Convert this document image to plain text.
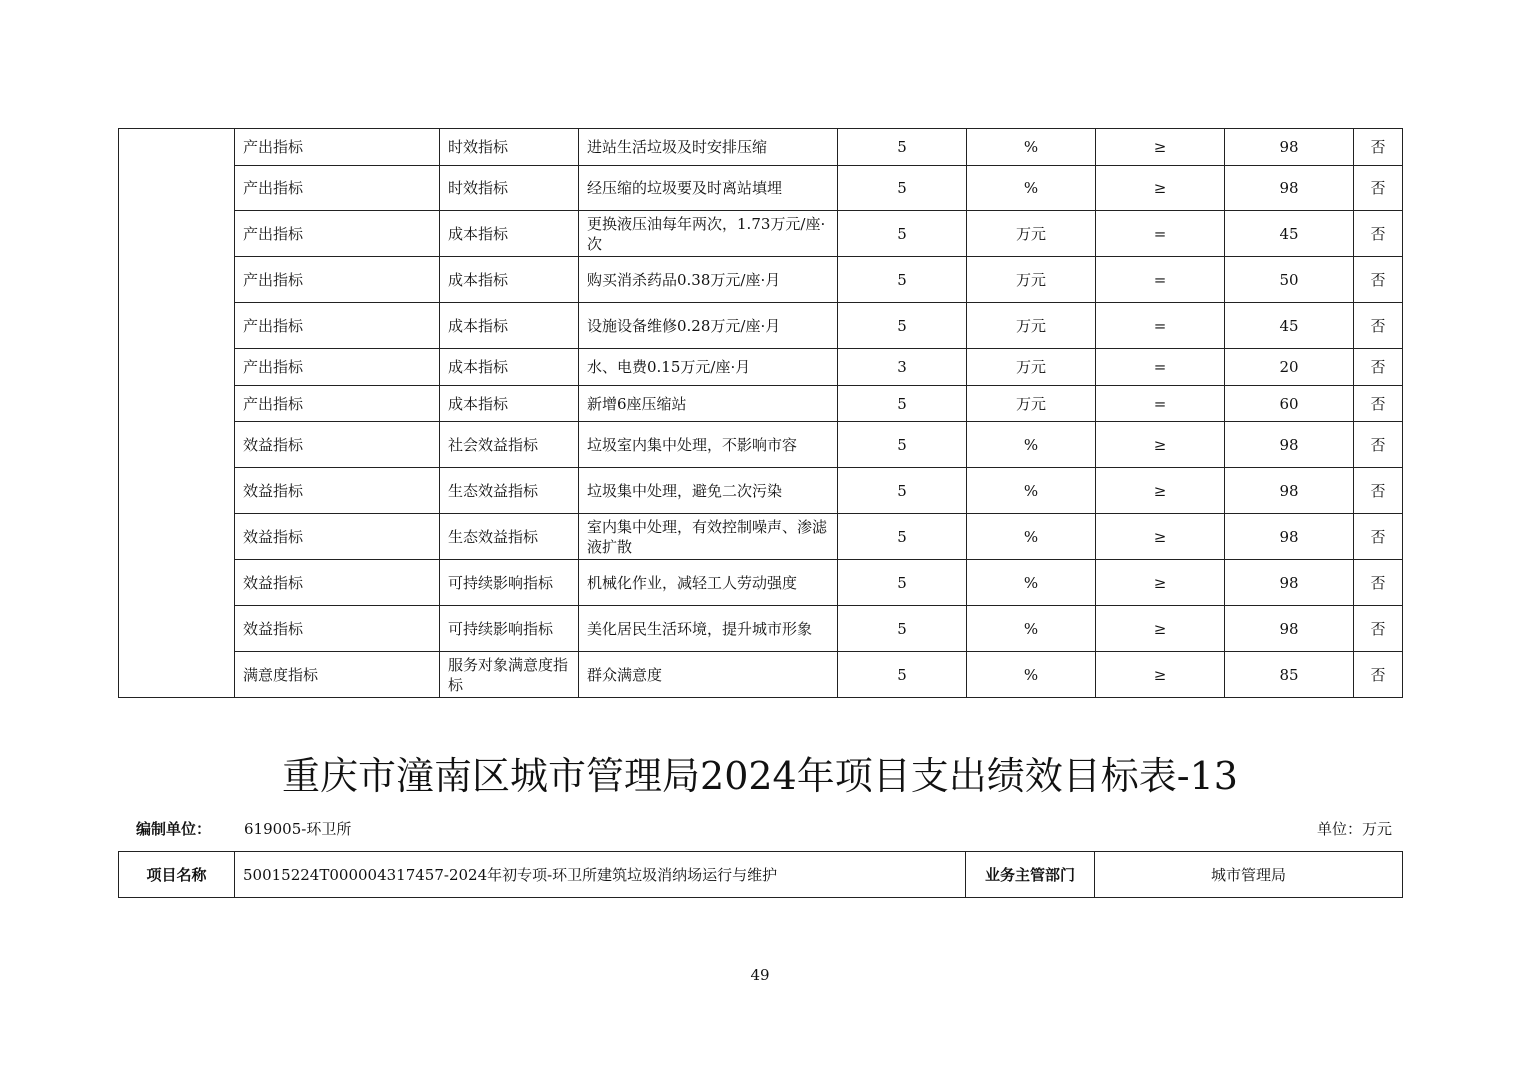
	产出指标	时效指标	进站生活垃圾及时安排压缩	5	%	≥	98	否
	产出指标	时效指标	经压缩的垃圾要及时离站填埋	5	%	≥	98	否
	产出指标	成本指标	更换液压油每年两次，1.73万元/座·次	5	万元	=	45	否
	产出指标	成本指标	购买消杀药品0.38万元/座·月	5	万元	=	50	否
	产出指标	成本指标	设施设备维修0.28万元/座·月	5	万元	=	45	否
	产出指标	成本指标	水、电费0.15万元/座·月	3	万元	=	20	否
	产出指标	成本指标	新增6座压缩站	5	万元	=	60	否
	效益指标	社会效益指标	垃圾室内集中处理，不影响市容	5	%	≥	98	否
	效益指标	生态效益指标	垃圾集中处理，避免二次污染	5	%	≥	98	否
	效益指标	生态效益指标	室内集中处理，有效控制噪声、渗滤液扩散	5	%	≥	98	否
	效益指标	可持续影响指标	机械化作业，减轻工人劳动强度	5	%	≥	98	否
	效益指标	可持续影响指标	美化居民生活环境，提升城市形象	5	%	≥	98	否
	满意度指标	服务对象满意度指标	群众满意度	5	%	≥	85	否
重庆市潼南区城市管理局2024年项目支出绩效目标表-13
编制单位： 619005-环卫所	单位：万元
项目名称	50015224T000004317457-2024年初专项-环卫所建筑垃圾消纳场运行与维护	业务主管部门	城市管理局
49
